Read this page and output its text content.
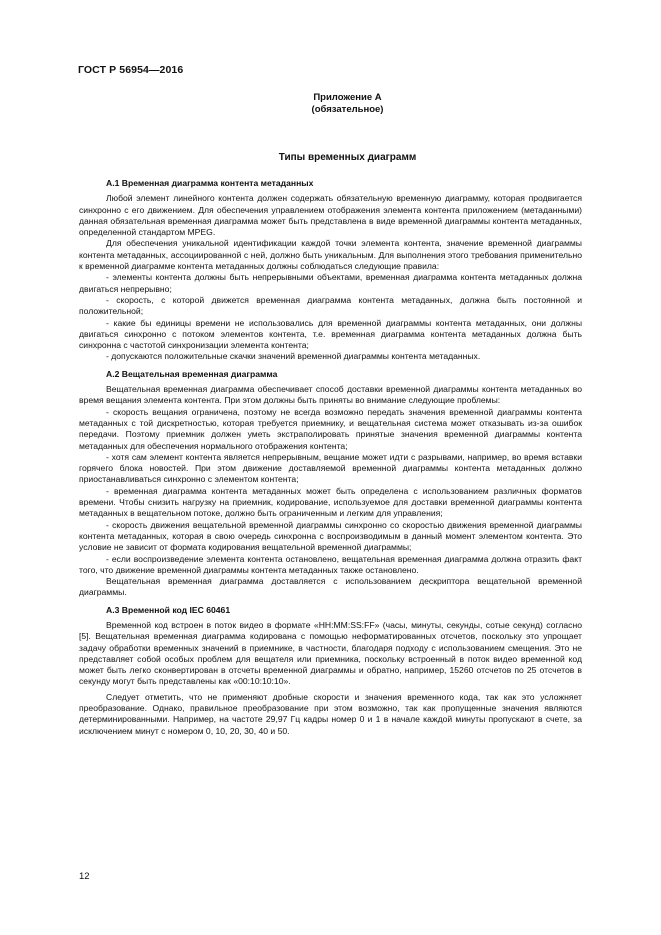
ГОСТ Р 56954—2016
Приложение А
(обязательное)
Типы временных диаграмм
А.1 Временная диаграмма контента метаданных

Любой элемент линейного контента должен содержать обязательную временную диаграмму, которая продвигается синхронно с его движением. Для обеспечения управлением отображения элемента контента приложением (метаданными) данная обязательная временная диаграмма может быть представлена в виде временной диаграммы контента метаданных, определенной стандартом MPEG.

Для обеспечения уникальной идентификации каждой точки элемента контента, значение временной диаграммы контента метаданных, ассоциированной с ней, должно быть уникальным. Для выполнения этого требования применительно к временной диаграмме контента метаданных должны соблюдаться следующие правила:

- элементы контента должны быть непрерывными объектами, временная диаграмма контента метаданных должна двигаться непрерывно;

- скорость, с которой движется временная диаграмма контента метаданных, должна быть постоянной и положительной;

- какие бы единицы времени не использовались для временной диаграммы контента метаданных, они должны двигаться синхронно с потоком элементов контента, т.е. временная диаграмма контента метаданных должна быть синхронна с частотой синхронизации элемента контента;

- допускаются положительные скачки значений временной диаграммы контента метаданных.

А.2 Вещательная временная диаграмма

Вещательная временная диаграмма обеспечивает способ доставки временной диаграммы контента метаданных во время вещания элемента контента. При этом должны быть приняты во внимание следующие проблемы:

- скорость вещания ограничена, поэтому не всегда возможно передать значения временной диаграммы контента метаданных с той дискретностью, которая требуется приемнику, и вещательная система может отказывать из-за ошибок передачи. Поэтому приемник должен уметь экстраполировать принятые значения временной диаграммы контента метаданных для обеспечения нормального отображения контента;

- хотя сам элемент контента является непрерывным, вещание может идти с разрывами, например, во время вставки горячего блока новостей. При этом движение доставляемой временной диаграммы контента метаданных должно приостанавливаться синхронно с элементом контента;

- временная диаграмма контента метаданных может быть определена с использованием различных форматов времени. Чтобы снизить нагрузку на приемник, кодирование, используемое для доставки временной диаграммы контента метаданных в вещательном потоке, должно быть ограниченным и легким для управления;

- скорость движения вещательной временной диаграммы синхронно со скоростью движения временной диаграммы контента метаданных, которая в свою очередь синхронна с воспроизводимым в данный момент элементом контента. Это условие не зависит от формата кодирования вещательной временной диаграммы;

- если воспроизведение элемента контента остановлено, вещательная временная диаграмма должна отразить факт того, что движение временной диаграммы контента метаданных также остановлено.

Вещательная временная диаграмма доставляется с использованием дескриптора вещательной временной диаграммы.

А.3 Временной код IEC 60461

Временной код встроен в поток видео в формате «HH:MM:SS:FF» (часы, минуты, секунды, сотые секунд) согласно [5]. Вещательная временная диаграмма кодирована с помощью неформатированных отсчетов, поскольку это упрощает задачу обработки временных значений в приемнике, в частности, благодаря подходу с использованием смещения. Это не представляет собой особых проблем для вещателя или приемника, поскольку встроенный в поток видео временной код может быть легко сконвертирован в отсчеты временной диаграммы и обратно, например, 15260 отсчетов по 25 отсчетов в секунду могут быть представлены как «00:10:10:10».

Следует отметить, что не применяют дробные скорости и значения временного кода, так как это усложняет преобразование. Однако, правильное преобразование при этом возможно, так как пропущенные значения являются детерминированными. Например, на частоте 29,97 Гц кадры номер 0 и 1 в начале каждой минуты пропускают в счете, за исключением минут с номером 0, 10, 20, 30, 40 и 50.

12
